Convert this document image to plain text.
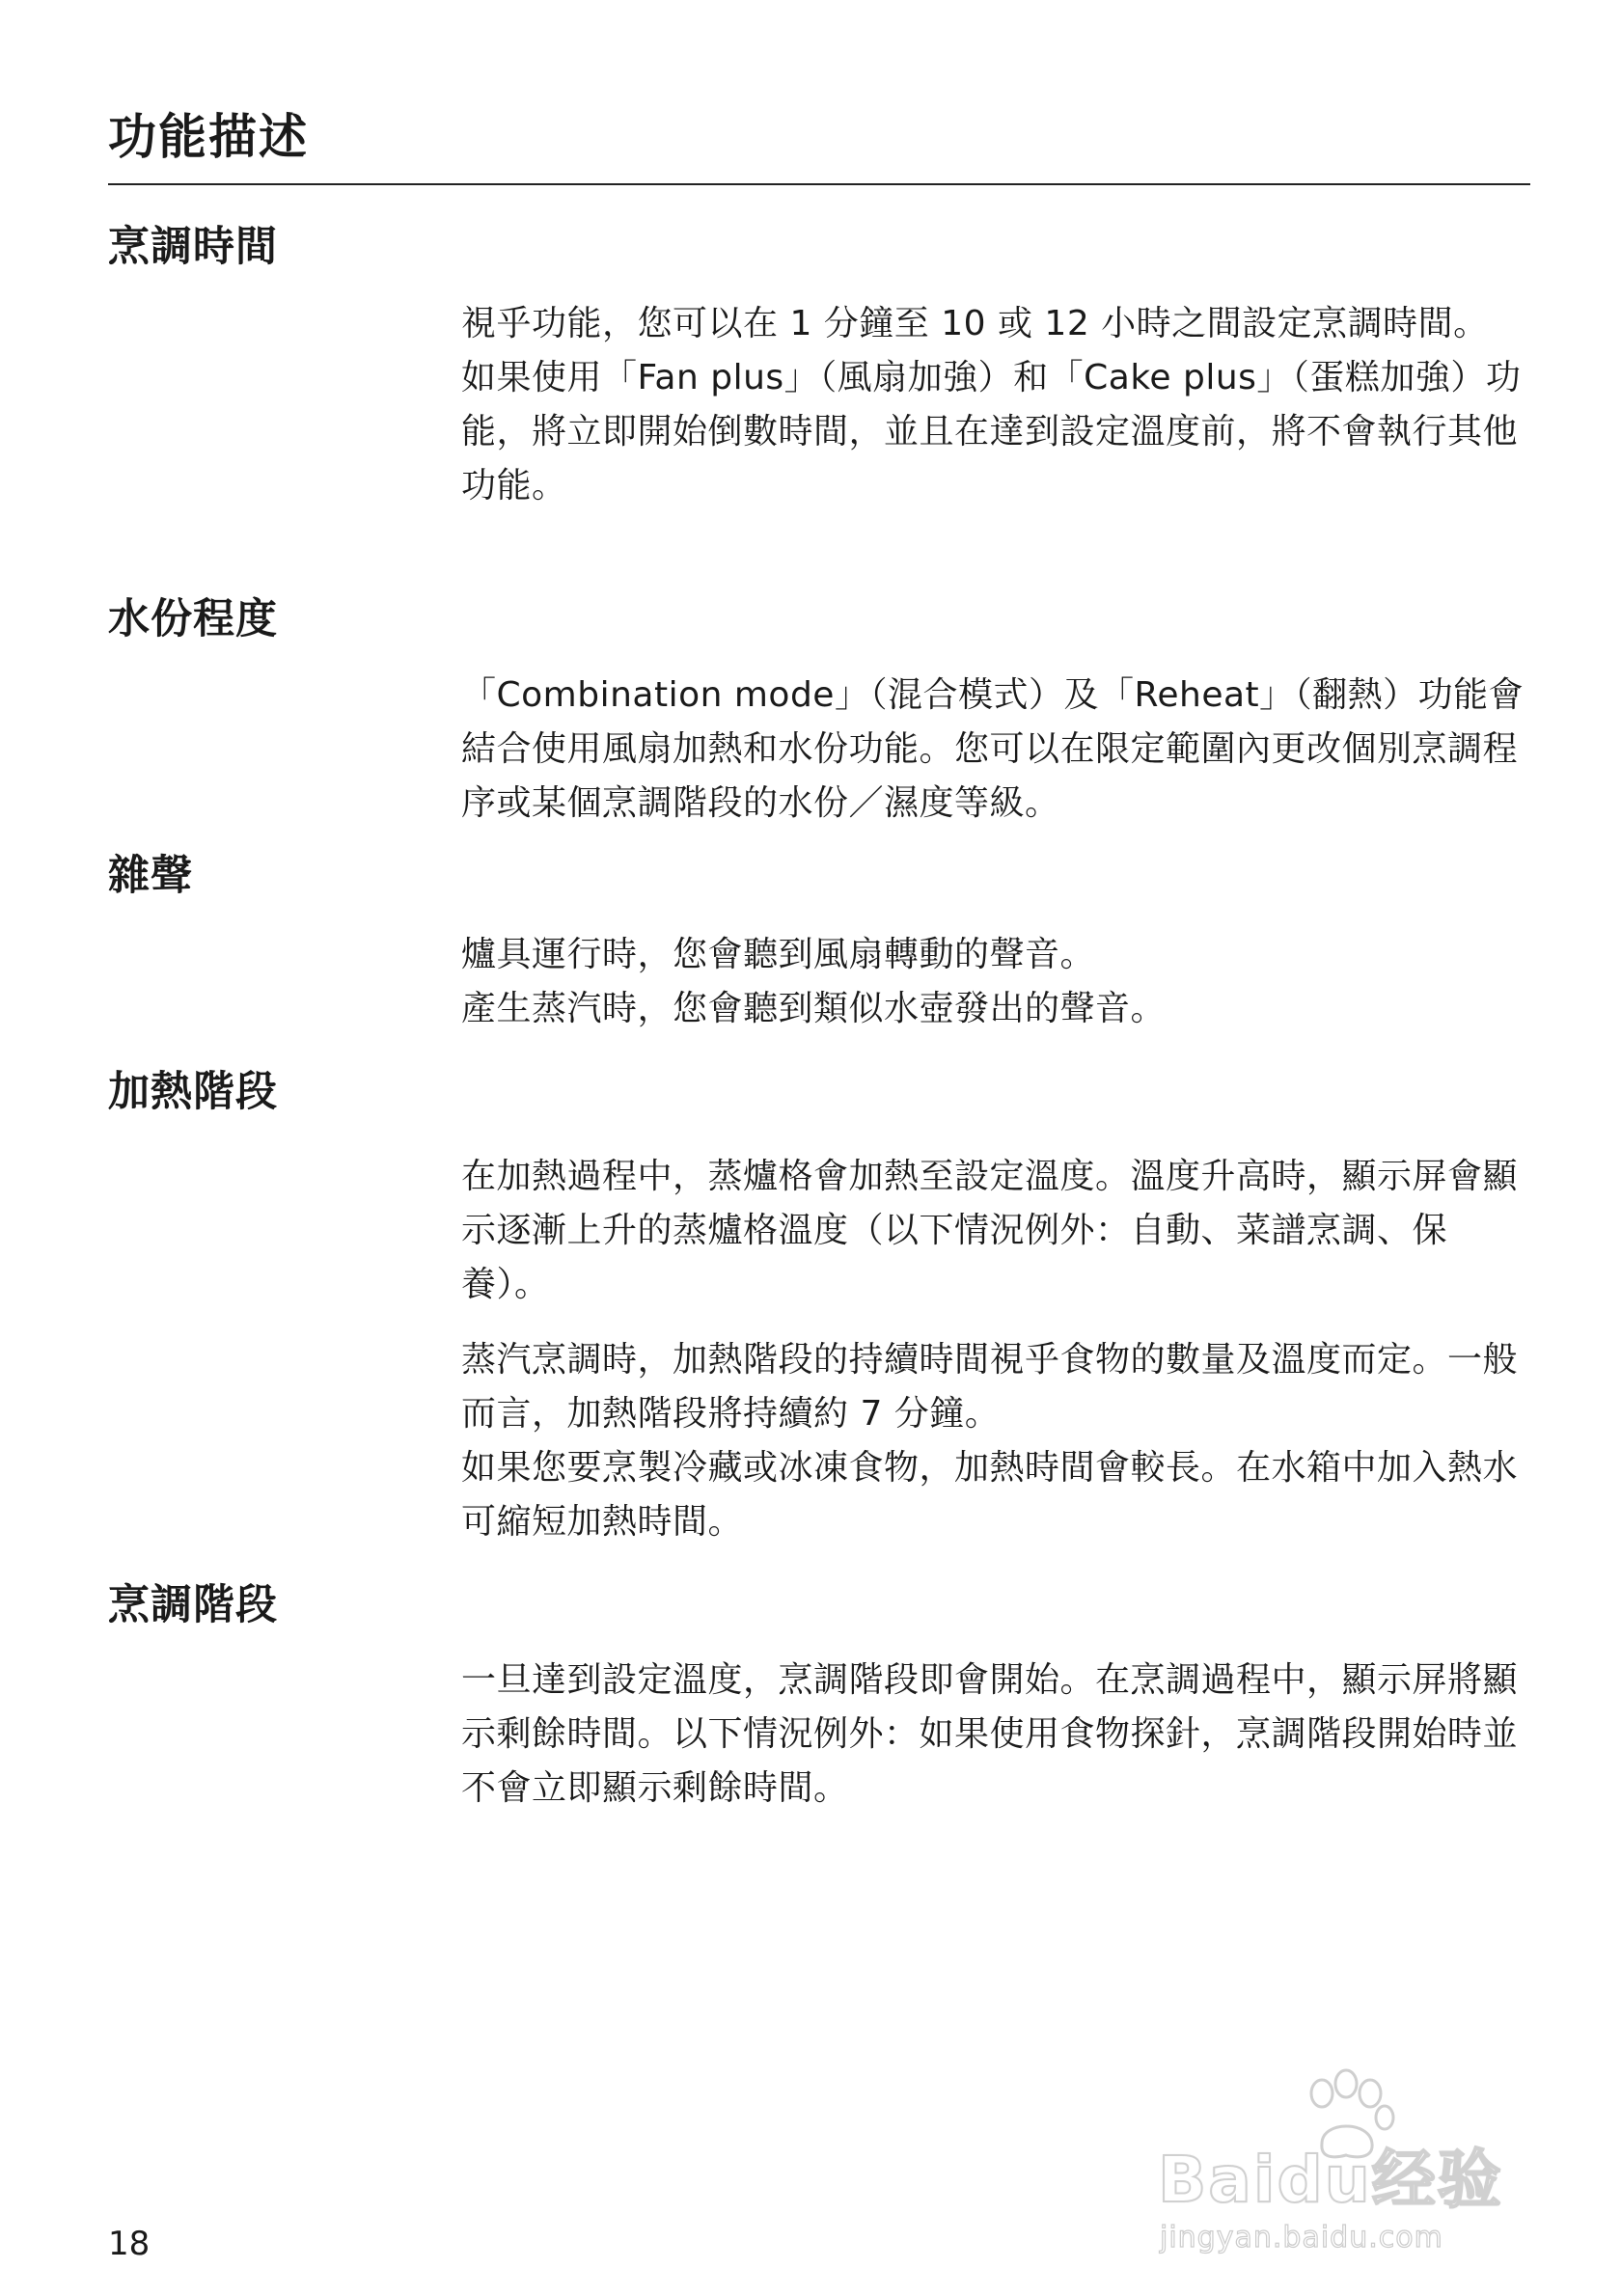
功能描述
烹調時間

視乎功能，您可以在 1 分鐘至 10 或 12 小時之間設定烹調時間。

如果使用「Fan plus」（風扇加強）和「Cake plus」（蛋糕加強）功能，將立即開始倒數時間，並且在達到設定溫度前，將不會執行其他功能。

水份程度

「Combination mode」（混合模式）及「Reheat」（翻熱）功能會結合使用風扇加熱和水份功能。您可以在限定範圍內更改個別烹調程序或某個烹調階段的水份／濕度等級。

雜聲

爐具運行時，您會聽到風扇轉動的聲音。

產生蒸汽時，您會聽到類似水壺發出的聲音。

加熱階段

在加熱過程中，蒸爐格會加熱至設定溫度。溫度升高時，顯示屏會顯示逐漸上升的蒸爐格溫度（以下情況例外：自動、菜譜烹調、保養）。

蒸汽烹調時，加熱階段的持續時間視乎食物的數量及溫度而定。一般而言，加熱階段將持續約 7 分鐘。

如果您要烹製冷藏或冰凍食物，加熱時間會較長。在水箱中加入熱水可縮短加熱時間。

烹調階段

一旦達到設定溫度，烹調階段即會開始。在烹調過程中，顯示屏將顯示剩餘時間。以下情況例外：如果使用食物探針，烹調階段開始時並不會立即顯示剩餘時間。

18
Baidu经验
jingyan.baidu.com
